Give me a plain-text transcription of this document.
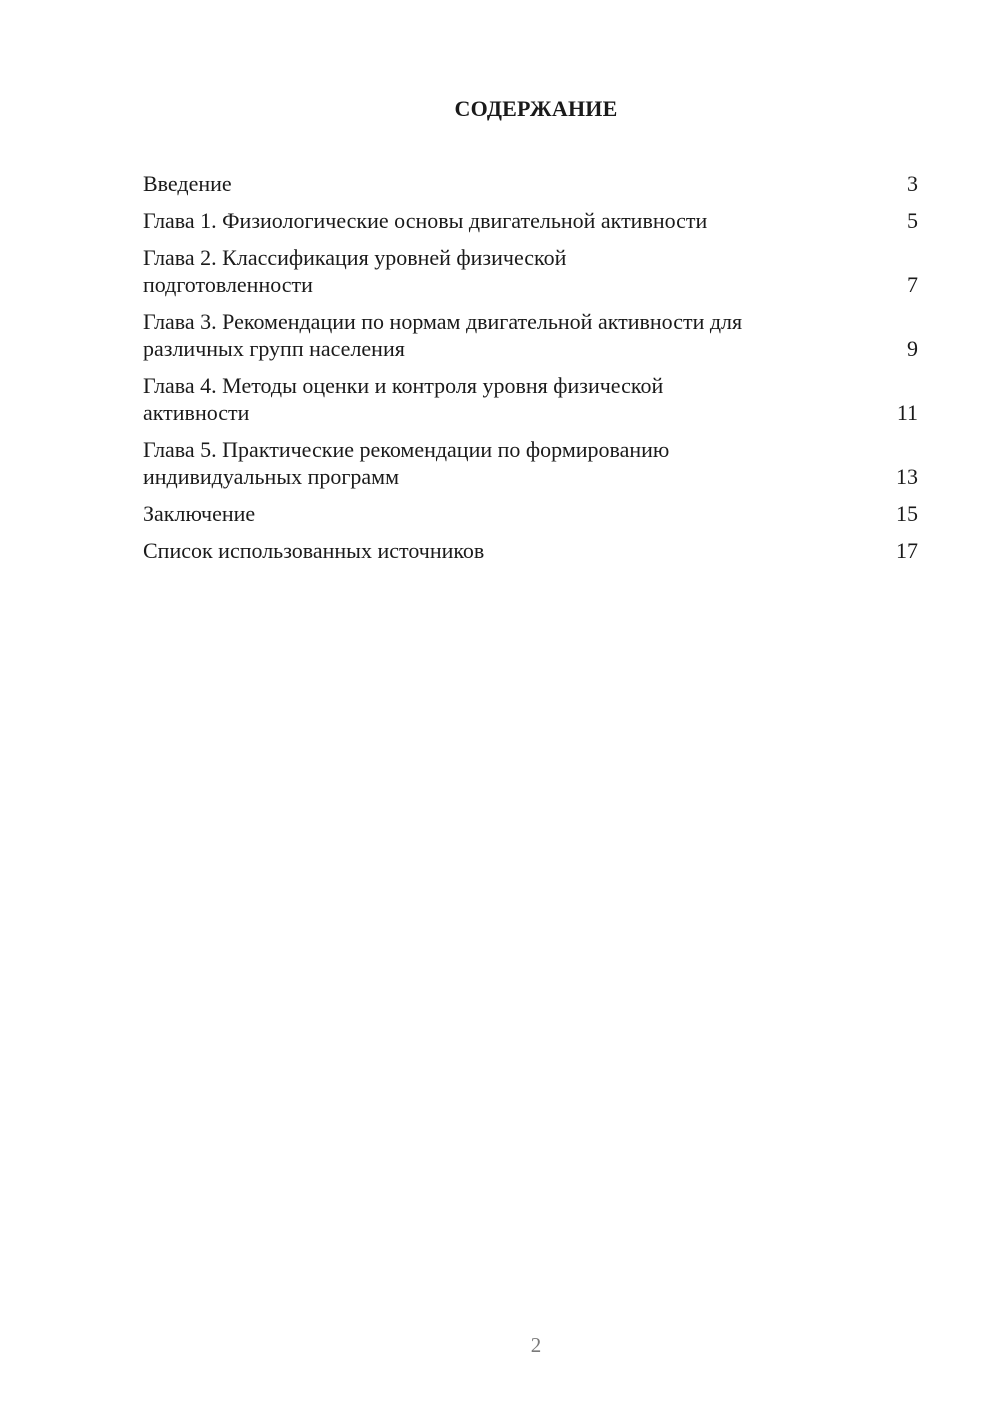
СОДЕРЖАНИЕ
Введение	3
Глава 1. Физиологические основы двигательной активности	5
Глава 2. Классификация уровней физической подготовленности	7
Глава 3. Рекомендации по нормам двигательной активности для различных групп населения	9
Глава 4. Методы оценки и контроля уровня физической активности	11
Глава 5. Практические рекомендации по формированию индивидуальных программ	13
Заключение	15
Список использованных источников	17
2
